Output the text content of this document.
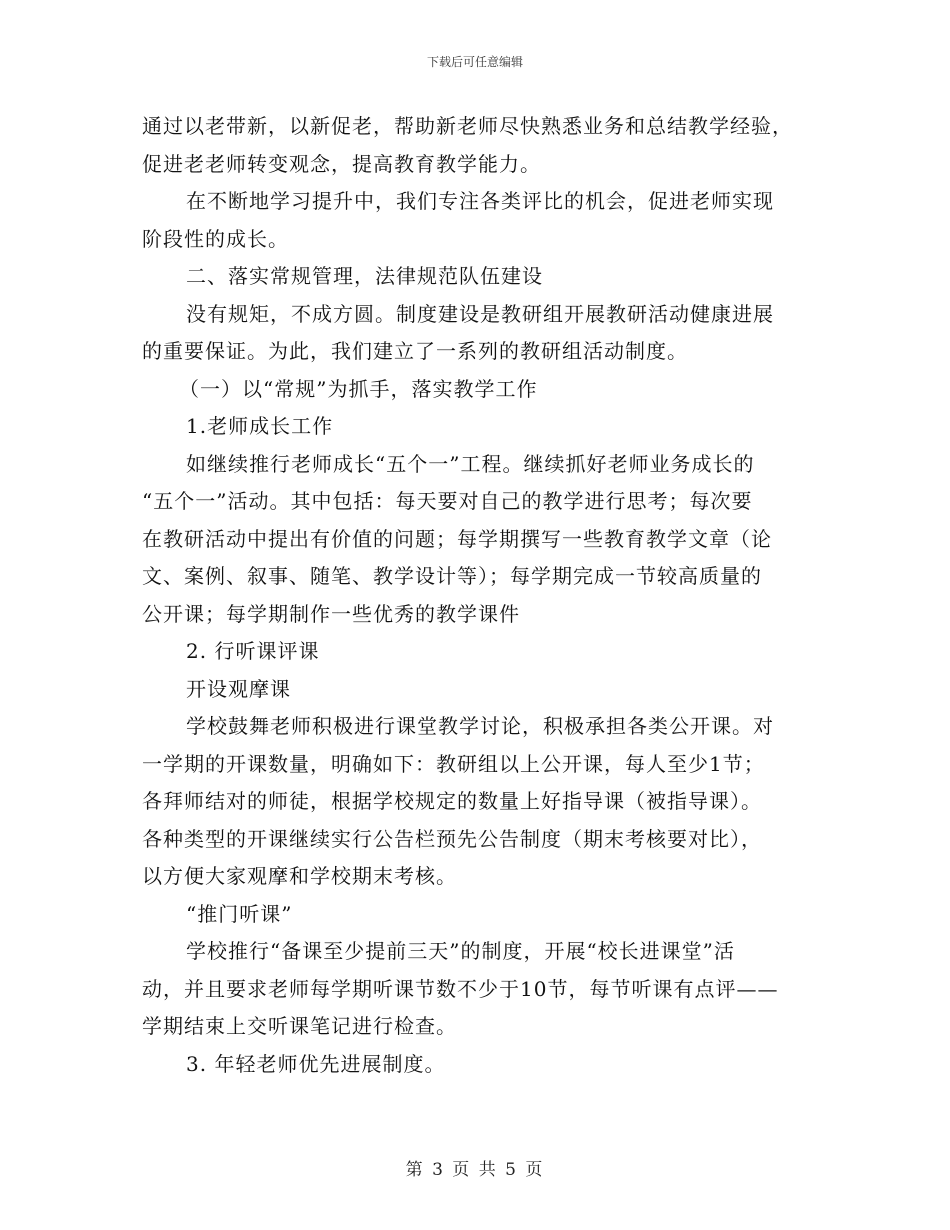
下载后可任意编辑
通过以老带新，以新促老，帮助新老师尽快熟悉业务和总结教学经验，
促进老老师转变观念，提高教育教学能力。
在不断地学习提升中，我们专注各类评比的机会，促进老师实现
阶段性的成长。
二、落实常规管理，法律规范队伍建设
没有规矩，不成方圆。制度建设是教研组开展教研活动健康进展
的重要保证。为此，我们建立了一系列的教研组活动制度。
（一）以“常规”为抓手，落实教学工作
1.老师成长工作
如继续推行老师成长“五个一”工程。继续抓好老师业务成长的
“五个一”活动。其中包括：每天要对自己的教学进行思考；每次要
在教研活动中提出有价值的问题；每学期撰写一些教育教学文章（论
文、案例、叙事、随笔、教学设计等）；每学期完成一节较高质量的
公开课；每学期制作一些优秀的教学课件
2. 行听课评课
开设观摩课
学校鼓舞老师积极进行课堂教学讨论，积极承担各类公开课。对
一学期的开课数量，明确如下：教研组以上公开课，每人至少1节；
各拜师结对的师徒，根据学校规定的数量上好指导课（被指导课）。
各种类型的开课继续实行公告栏预先公告制度（期末考核要对比），
以方便大家观摩和学校期末考核。
“推门听课”
学校推行“备课至少提前三天”的制度，开展“校长进课堂”活
动，并且要求老师每学期听课节数不少于10节，每节听课有点评——
学期结束上交听课笔记进行检查。
3. 年轻老师优先进展制度。
第 3 页 共 5 页
